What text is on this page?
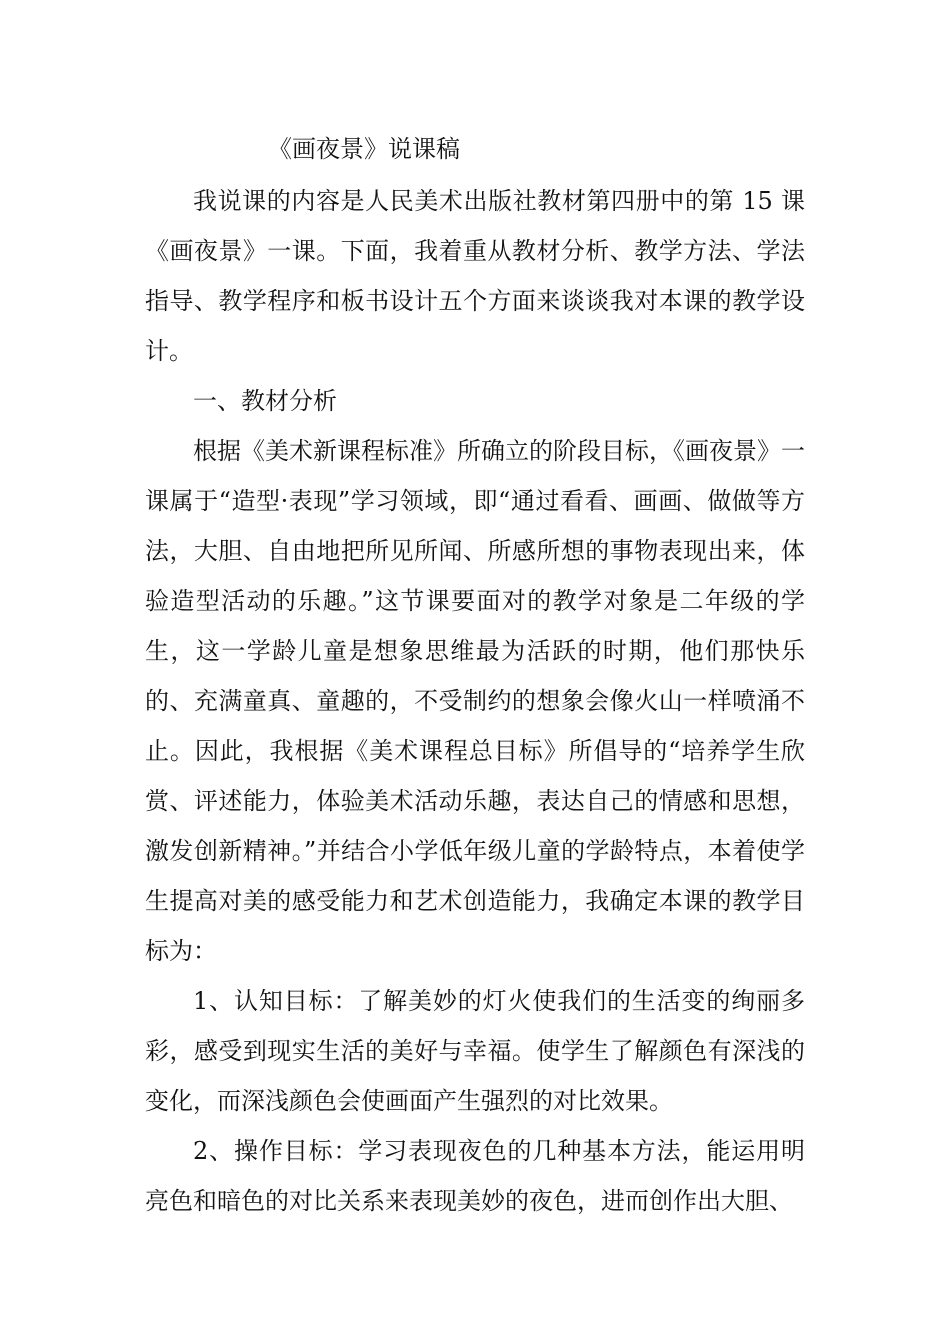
《画夜景》说课稿

我说课的内容是人民美术出版社教材第四册中的第 15 课《画夜景》一课。下面，我着重从教材分析、教学方法、学法指导、教学程序和板书设计五个方面来谈谈我对本课的教学设计。

一、教材分析

根据《美术新课程标准》所确立的阶段目标，《画夜景》一课属于“造型·表现”学习领域，即“通过看看、画画、做做等方法，大胆、自由地把所见所闻、所感所想的事物表现出来，体验造型活动的乐趣。”这节课要面对的教学对象是二年级的学生，这一学龄儿童是想象思维最为活跃的时期，他们那快乐的、充满童真、童趣的，不受制约的想象会像火山一样喷涌不止。因此，我根据《美术课程总目标》所倡导的“培养学生欣赏、评述能力，体验美术活动乐趣，表达自己的情感和思想，激发创新精神。”并结合小学低年级儿童的学龄特点，本着使学生提高对美的感受能力和艺术创造能力，我确定本课的教学目标为：

1、认知目标：了解美妙的灯火使我们的生活变的绚丽多彩，感受到现实生活的美好与幸福。使学生了解颜色有深浅的变化，而深浅颜色会使画面产生强烈的对比效果。

2、操作目标：学习表现夜色的几种基本方法，能运用明亮色和暗色的对比关系来表现美妙的夜色，进而创作出大胆、
